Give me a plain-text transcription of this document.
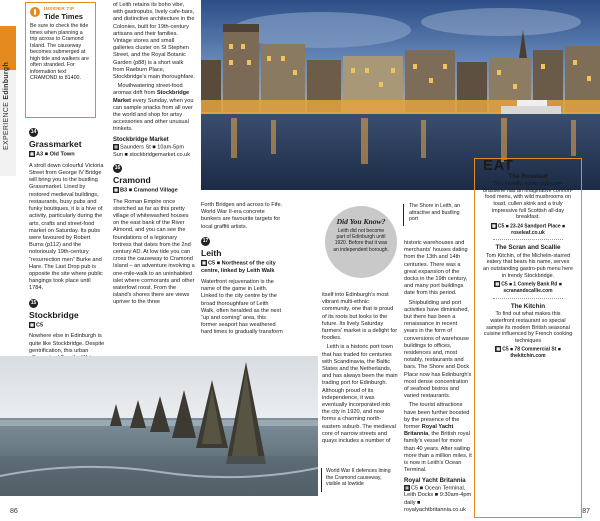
EXPERIENCE Edinburgh
INSIDER TIP
Tide Times
Be sure to check the tide times when planning a trip across to Cramond Island. The causeway becomes submerged at high tide and walkers are often stranded. For information text CRAMOND to 81400.
14
Grassmarket
▦ A3 ■ Old Town

A stroll down colourful Victoria Street from George IV Bridge will bring you to the bustling Grassmarket. Lined by restored medieval buildings, restaurants, busy pubs and funky boutiques, it is a hive of activity, particularly during the arts, crafts and street-food market on Saturday. Its pubs were favoured by Robert Burns (p112) and the notoriously 19th-century “resurrection men” Burke and Hare. The Last Drop pub is opposite the site where public hangings took place until 1784.

15
Stockbridge
▦ C5

Nowhere else in Edinburgh is quite like Stockbridge. Despite gentrification, this urban

of Leith retains its boho vibe, with gastropubs, lively cafe-bars, and distinctive architecture in the Colonies, built for 19th-century artisans and their families. Vintage stores and small galleries cluster on St Stephen Street, and the Royal Botanic Garden (p88) is a short walk from Raeburn Place, Stockbridge's main thoroughfare.

Mouthwatering street-food aromas drift from Stockbridge Market every Sunday, when you can sample snacks from all over the world and shop for artsy accessories and other unusual trinkets.

Stockbridge Market

▦ Saunders St ■ 10am-5pm Sun ■ stockbridgemarket.co.uk

16
Cramond
▦ B3 ■ Cramond Village

The Roman Empire once stretched as far as this pretty village of whitewashed houses on the east bank of the River Almond, and you can see the foundations of a legionary fortress that dates from the 2nd century AD. At low tide you can cross the causeway to Cramond Island – an adventure involving a one-mile-walk to an uninhabited islet where cormorants and other waterfowl roost. From the island's shores there are views upriver to the three

Forth Bridges and across to Fife. World War II-era concrete bunkers are favourite targets for local graffiti artists.

17
Leith
▦ C5 ■ Northeast of the city centre, linked by Leith Walk

Waterfront rejuvenation is the name of the game in Leith. Linked to the city centre by the broad thoroughfare of Leith Walk, often heralded as the next “up and coming” area, this former seaport has weathered hard times to gradually transform

Did You Know?
Leith did not become part of Edinburgh until 1920. Before that it was an independent borough.
The Shore in Leith, an attractive and bustling port

itself into Edinburgh's most vibrant multi-ethnic community, one that is proud of its roots but looks to the future. Its lively Saturday farmers' market is a delight for foodies.

Leith is a historic port town that has traded for centuries with Scandinavia, the Baltic States and the Netherlands, and has always been the main trading port for Edinburgh. Although proud of its independence, it was eventually incorporated into the city in 1920, and now forms a charming north-eastern suburb. The medieval core of narrow streets and quays includes a number of

historic warehouses and merchants' houses dating from the 13th and 14th centuries. There was a great expansion of the docks in the 19th century, and many port buildings date from this period.

Shipbuilding and port activities have diminished, but there has been a renaissance in recent years in the form of conversions of warehouse buildings to offices, residences and, most notably, restaurants and bars. The Shore and Dock Place now has Edinburgh's most dense concentration of seafood bistros and varied restaurants.

The tourist attractions have been further boosted by the presence of the former Royal Yacht Britannia, the British royal family's vessel for more than 40 years. After sailing more than a million miles, it is now in Leith's Ocean Terminal.

Royal Yacht Britannia

▦ C5 ■ Ocean Terminal, Leith Docks ■ 9:30am-4pm daily ■ royalyachtbritannia.co.uk

World War II defences lining the Cramond causeway, visible at lowtide
EAT
The Roseleaf
This friendly, quirky pub-cum-brasserie has an imaginative comfort-food menu, with wild mushrooms on toast, cullen skink and a truly impressive full Scottish all-day breakfast.
▦ C5 ■ 23-24 Sandport Place ■ roseleaf.co.uk
The Scran and Scallie
Tom Kitchin, of the Michelin-starred eatery that bears his name, serves an outstanding gastro-pub menu here in trendy Stockbridge.
▦ C5 ■ 1 Comely Bank Rd ■ scranandscallie.com
The Kitchin
To find out what makes this waterfront restaurant so special sample its modern British seasonal cuisine influenced by French cooking techniques
▦ C5 ■ 78 Commercial St ■ thekitchin.com
86	87
